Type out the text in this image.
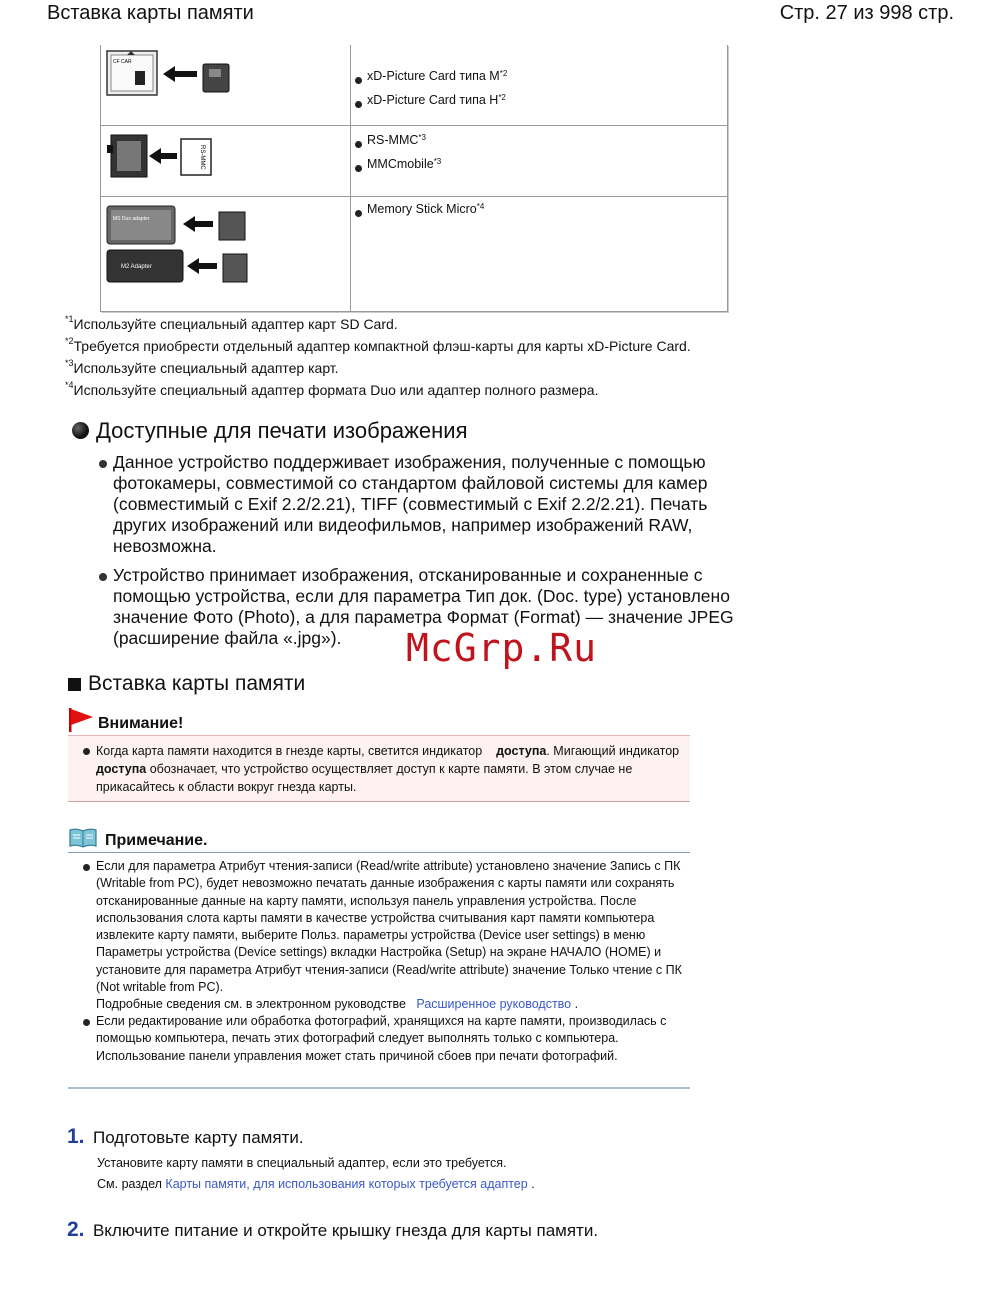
Вставка карты памяти	Стр. 27 из 998 стр.
CF CAR
xD-Picture Card типа $M^{*2}$
xD-Picture Card типа $H^{*2}$
RS-MMC
RS-MMC$^{*3}$
MMCmobile$^{*3}$
MS Duo adapter
M2 Adapter
Memory Stick Micro$^{*4}$
$^{*1}$Используйте специальный адаптер карт SD Card.
$^{*2}$Требуется приобрести отдельный адаптер компактной флэш-карты для карты xD-Picture Card.
$^{*3}$Используйте специальный адаптер карт.
$^{*4}$Используйте специальный адаптер формата Duo или адаптер полного размера.
Доступные для печати изображения
Данное устройство поддерживает изображения, полученные с помощью фотокамеры, совместимой со стандартом файловой системы для камер (совместимый с Exif 2.2/2.21), TIFF (совместимый с Exif 2.2/2.21). Печать других изображений или видеофильмов, например изображений RAW, невозможна.
Устройство принимает изображения, отсканированные и сохраненные с помощью устройства, если для параметра Тип док. (Doc. type) установлено значение Фото (Photo), а для параметра Формат (Format) — значение JPEG (расширение файла «.jpg»).	McGrp.Ru
Вставка карты памяти
Внимание!
Когда карта памяти находится в гнезде карты, светится индикатор доступа. Мигающий индикатор доступа обозначает, что устройство осуществляет доступ к карте памяти. В этом случае не прикасайтесь к области вокруг гнезда карты.
Примечание.
Если для параметра Атрибут чтения-записи (Read/write attribute) установлено значение Запись с ПК (Writable from PC), будет невозможно печатать данные изображения с карты памяти или сохранять отсканированные данные на карту памяти, используя панель управления устройства. После использования слота карты памяти в качестве устройства считывания карт памяти компьютера извлеките карту памяти, выберите Польз. параметры устройства (Device user settings) в меню Параметры устройства (Device settings) вкладки Настройка (Setup) на экране НАЧАЛО (HOME) и установите для параметра Атрибут чтения-записи (Read/write attribute) значение Только чтение с ПК (Not writable from PC).
Подробные сведения см. в электронном руководстве Расширенное руководство .
Если редактирование или обработка фотографий, хранящихся на карте памяти, производилась с помощью компьютера, печать этих фотографий следует выполнять только с компьютера. Использование панели управления может стать причиной сбоев при печати фотографий.
1. Подготовьте карту памяти.
Установите карту памяти в специальный адаптер, если это требуется.
См. раздел Карты памяти, для использования которых требуется адаптер .
2. Включите питание и откройте крышку гнезда для карты памяти.
